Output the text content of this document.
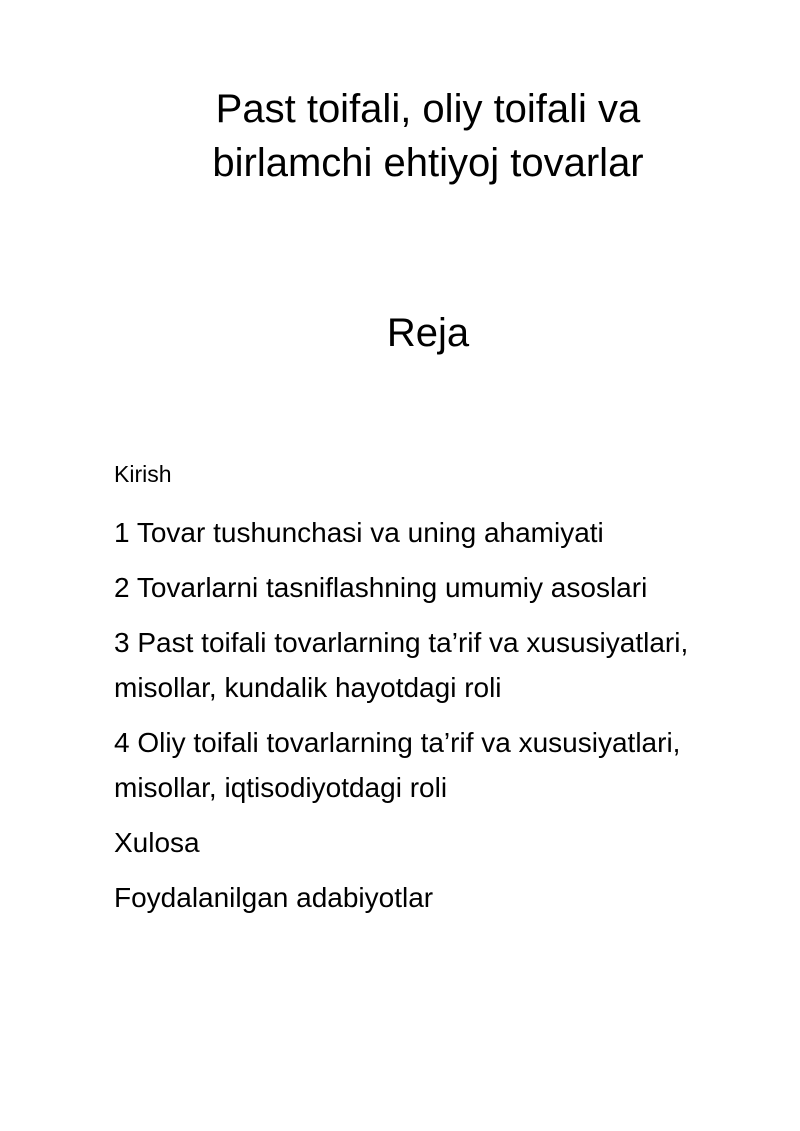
Past toifali, oliy toifali va
birlamchi ehtiyoj tovarlar
Reja
Kirish
1 Tovar tushunchasi va uning ahamiyati
2 Tovarlarni tasniflashning umumiy asoslari
3 Past toifali tovarlarning ta’rif va xususiyatlari,
misollar, kundalik hayotdagi roli
4 Oliy toifali tovarlarning ta’rif va xususiyatlari,
misollar, iqtisodiyotdagi roli
Xulosa
Foydalanilgan adabiyotlar
